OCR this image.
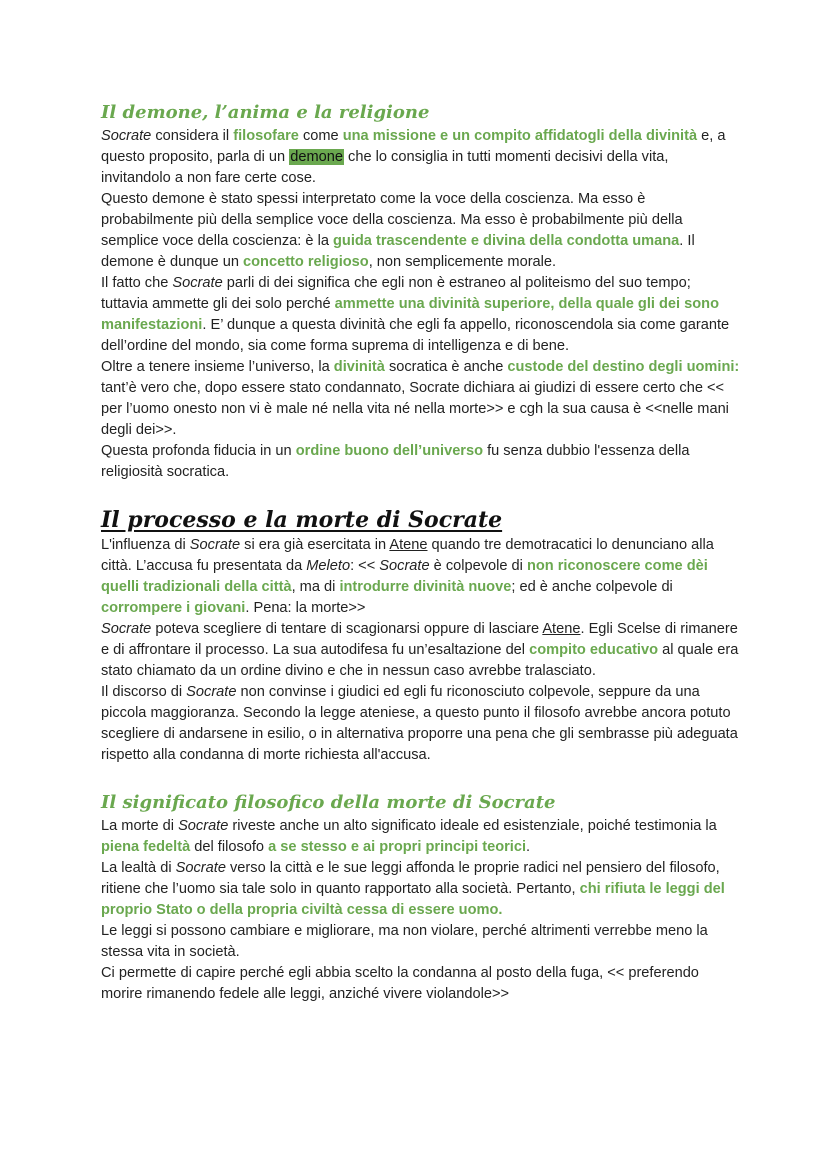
Il demone, l’anima e la religione

Socrate considera il filosofare come una missione e un compito affidatogli della divinità e, a questo proposito, parla di un demone che lo consiglia in tutti momenti decisivi della vita, invitandolo a non fare certe cose.

Questo demone è stato spessi interpretato come la voce della coscienza. Ma esso è probabilmente più della semplice voce della coscienza. Ma esso è probabilmente più della semplice voce della coscienza: è la guida trascendente e divina della condotta umana. Il demone è dunque un concetto religioso, non semplicemente morale.

Il fatto che Socrate parli di dei significa che egli non è estraneo al politeismo del suo tempo; tuttavia ammette gli dei solo perché ammette una divinità superiore, della quale gli dei sono manifestazioni. E’ dunque a questa divinità che egli fa appello, riconoscendola sia come garante dell’ordine del mondo, sia come forma suprema di intelligenza e di bene.

Oltre a tenere insieme l’universo, la divinità socratica è anche custode del destino degli uomini: tant’è vero che, dopo essere stato condannato, Socrate dichiara ai giudizi di essere certo che << per l’uomo onesto non vi è male né nella vita né nella morte>> e cgh la sua causa è <<nelle mani degli dei>>.

Questa profonda fiducia in un ordine buono dell’universo fu senza dubbio l'essenza della religiosità socratica.

Il processo e la morte di Socrate

L'influenza di Socrate si era già esercitata in Atene quando tre demotracatici lo denunciano alla città. L’accusa fu presentata da Meleto: << Socrate è colpevole di non riconoscere come dèi quelli tradizionali della città, ma di introdurre divinità nuove; ed è anche colpevole di corrompere i giovani. Pena: la morte>>

Socrate poteva scegliere di tentare di scagionarsi oppure di lasciare Atene. Egli Scelse di rimanere e di affrontare il processo. La sua autodifesa fu un’esaltazione del compito educativo al quale era stato chiamato da un ordine divino e che in nessun caso avrebbe tralasciato.

Il discorso di Socrate non convinse i giudici ed egli fu riconosciuto colpevole, seppure da una piccola maggioranza. Secondo la legge ateniese, a questo punto il filosofo avrebbe ancora potuto scegliere di andarsene in esilio, o in alternativa proporre una pena che gli sembrasse più adeguata rispetto alla condanna di morte richiesta all'accusa.

Il significato filosofico della morte di Socrate

La morte di Socrate riveste anche un alto significato ideale ed esistenziale, poiché testimonia la piena fedeltà del filosofo a se stesso e ai propri principi teorici.

La lealtà di Socrate verso la città e le sue leggi affonda le proprie radici nel pensiero del filosofo, ritiene che l’uomo sia tale solo in quanto rapportato alla società. Pertanto, chi rifiuta le leggi del proprio Stato o della propria civiltà cessa di essere uomo.

Le leggi si possono cambiare e migliorare, ma non violare, perché altrimenti verrebbe meno la stessa vita in società.

Ci permette di capire perché egli abbia scelto la condanna al posto della fuga, << preferendo morire rimanendo fedele alle leggi, anziché vivere violandole>>
